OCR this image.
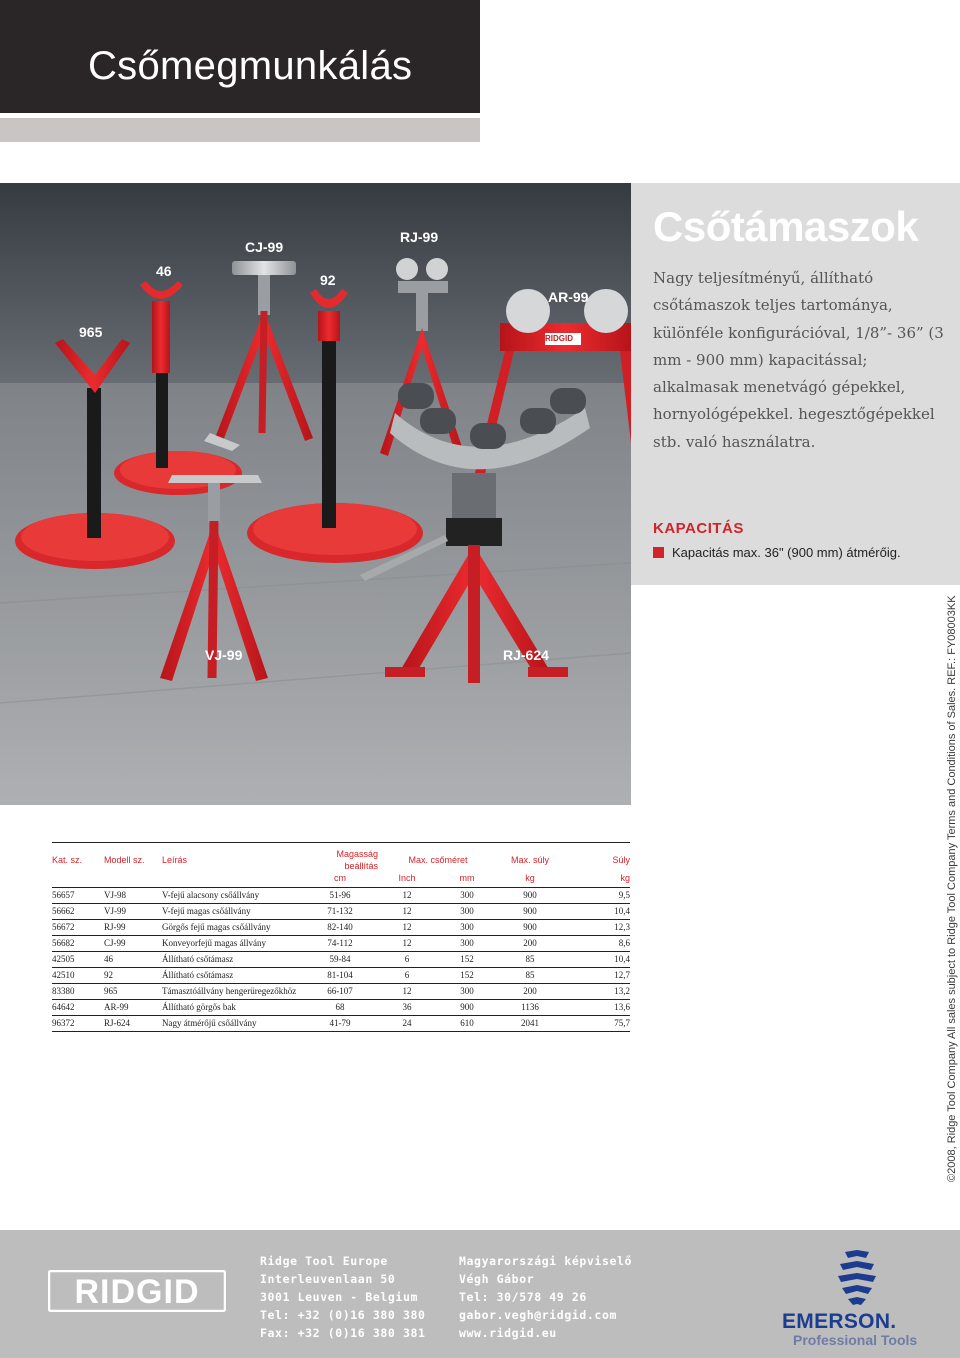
Csőmegmunkálás
965
46
CJ-99
92
RJ-99
AR-99
VJ-99	RJ-624
RIDGID
Csőtámaszok
Nagy teljesítményű, állítható csőtámaszok teljes tartománya, különféle konfigurációval, 1/8”- 36” (3 mm - 900 mm) kapacitással; alkalmasak menetvágó gépekkel, hornyológépekkel. hegesztőgépekkel stb. való használatra.
KAPACITÁS
Kapacitás max. 36" (900 mm) átmérőig.
©2008, Ridge Tool Company All sales subject to Ridge Tool Company Terms and Conditions of Sales. REF.: FY08003KK
Kat. sz.	Modell sz.	Leírás	Magasság beállítás	Max. csőméret		Max. súly	Súly
			cm	Inch	mm	kg	kg
56657	VJ-98	V-fejű alacsony csőállvány	51-96	12	300	900	9,5
56662	VJ-99	V-fejű magas csőállvány	71-132	12	300	900	10,4
56672	RJ-99	Görgős fejű magas csőállvány	82-140	12	300	900	12,3
56682	CJ-99	Konveyorfejű magas állvány	74-112	12	300	200	8,6
42505	46	Állítható csőtámasz	59-84	6	152	85	10,4
42510	92	Állítható csőtámasz	81-104	6	152	85	12,7
83380	965	Támasztóállvány hengerüregezőkhöz	66-107	12	300	200	13,2
64642	AR-99	Állítható görgős bak	68	36	900	1136	13,6
96372	RJ-624	Nagy átmérőjű csőállvány	41-79	24	610	2041	75,7
RIDGID
Ridge Tool Europe
Interleuvenlaan 50
3001 Leuven - Belgium
Tel: +32 (0)16 380 380
Fax: +32 (0)16 380 381
Magyarországi képviselő
Végh Gábor
Tel: 30/578 49 26
gabor.vegh@ridgid.com
www.ridgid.eu	EMERSON.
Professional Tools
